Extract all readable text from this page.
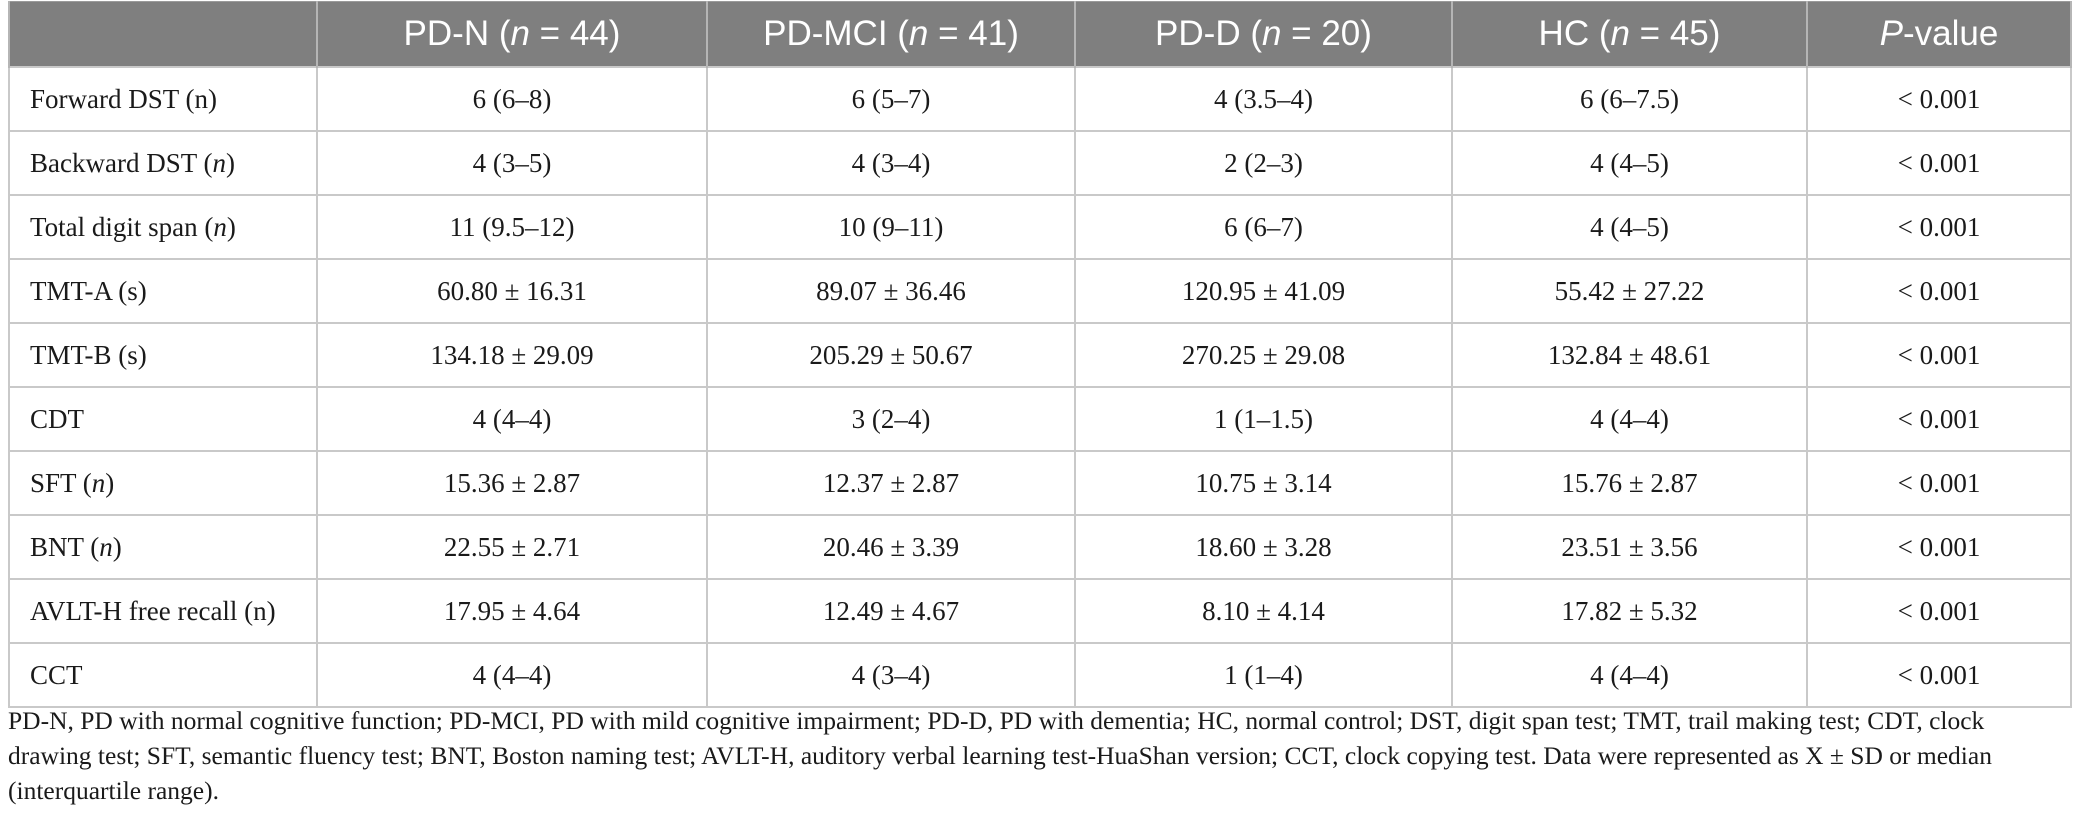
	PD-N (n = 44)	PD-MCI (n = 41)	PD-D (n = 20)	HC (n = 45)	P-value
Forward DST (n)	6 (6–8)	6 (5–7)	4 (3.5–4)	6 (6–7.5)	< 0.001
Backward DST (n)	4 (3–5)	4 (3–4)	2 (2–3)	4 (4–5)	< 0.001
Total digit span (n)	11 (9.5–12)	10 (9–11)	6 (6–7)	4 (4–5)	< 0.001
TMT-A (s)	60.80 ± 16.31	89.07 ± 36.46	120.95 ± 41.09	55.42 ± 27.22	< 0.001
TMT-B (s)	134.18 ± 29.09	205.29 ± 50.67	270.25 ± 29.08	132.84 ± 48.61	< 0.001
CDT	4 (4–4)	3 (2–4)	1 (1–1.5)	4 (4–4)	< 0.001
SFT (n)	15.36 ± 2.87	12.37 ± 2.87	10.75 ± 3.14	15.76 ± 2.87	< 0.001
BNT (n)	22.55 ± 2.71	20.46 ± 3.39	18.60 ± 3.28	23.51 ± 3.56	< 0.001
AVLT-H free recall (n)	17.95 ± 4.64	12.49 ± 4.67	8.10 ± 4.14	17.82 ± 5.32	< 0.001
CCT	4 (4–4)	4 (3–4)	1 (1–4)	4 (4–4)	< 0.001

PD-N, PD with normal cognitive function; PD-MCI, PD with mild cognitive impairment; PD-D, PD with dementia; HC, normal control; DST, digit span test; TMT, trail making test; CDT, clock drawing test; SFT, semantic fluency test; BNT, Boston naming test; AVLT-H, auditory verbal learning test-HuaShan version; CCT, clock copying test. Data were represented as X ± SD or median (interquartile range).
